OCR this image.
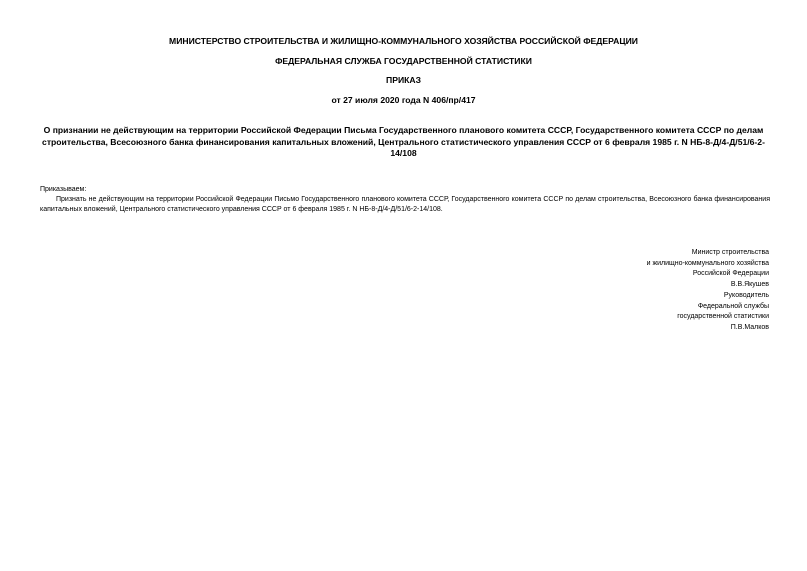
МИНИСТЕРСТВО СТРОИТЕЛЬСТВА И ЖИЛИЩНО-КОММУНАЛЬНОГО ХОЗЯЙСТВА РОССИЙСКОЙ ФЕДЕРАЦИИ
ФЕДЕРАЛЬНАЯ СЛУЖБА ГОСУДАРСТВЕННОЙ СТАТИСТИКИ
ПРИКАЗ
от 27 июля 2020 года N 406/пр/417
О признании не действующим на территории Российской Федерации Письма Государственного планового комитета СССР, Государственного комитета СССР по делам строительства, Всесоюзного банка финансирования капитальных вложений, Центрального статистического управления СССР от 6 февраля 1985 г. N НБ-8-Д/4-Д/51/6-2-14/108
Приказываем:
Признать не действующим на территории Российской Федерации Письмо Государственного планового комитета СССР, Государственного комитета СССР по делам строительства, Всесоюзного банка финансирования капитальных вложений, Центрального статистического управления СССР от 6 февраля 1985 г. N НБ-8-Д/4-Д/51/6-2-14/108.
Министр строительства
и жилищно-коммунального хозяйства
Российской Федерации
В.В.Якушев
Руководитель
Федеральной службы
государственной статистики
П.В.Малков
